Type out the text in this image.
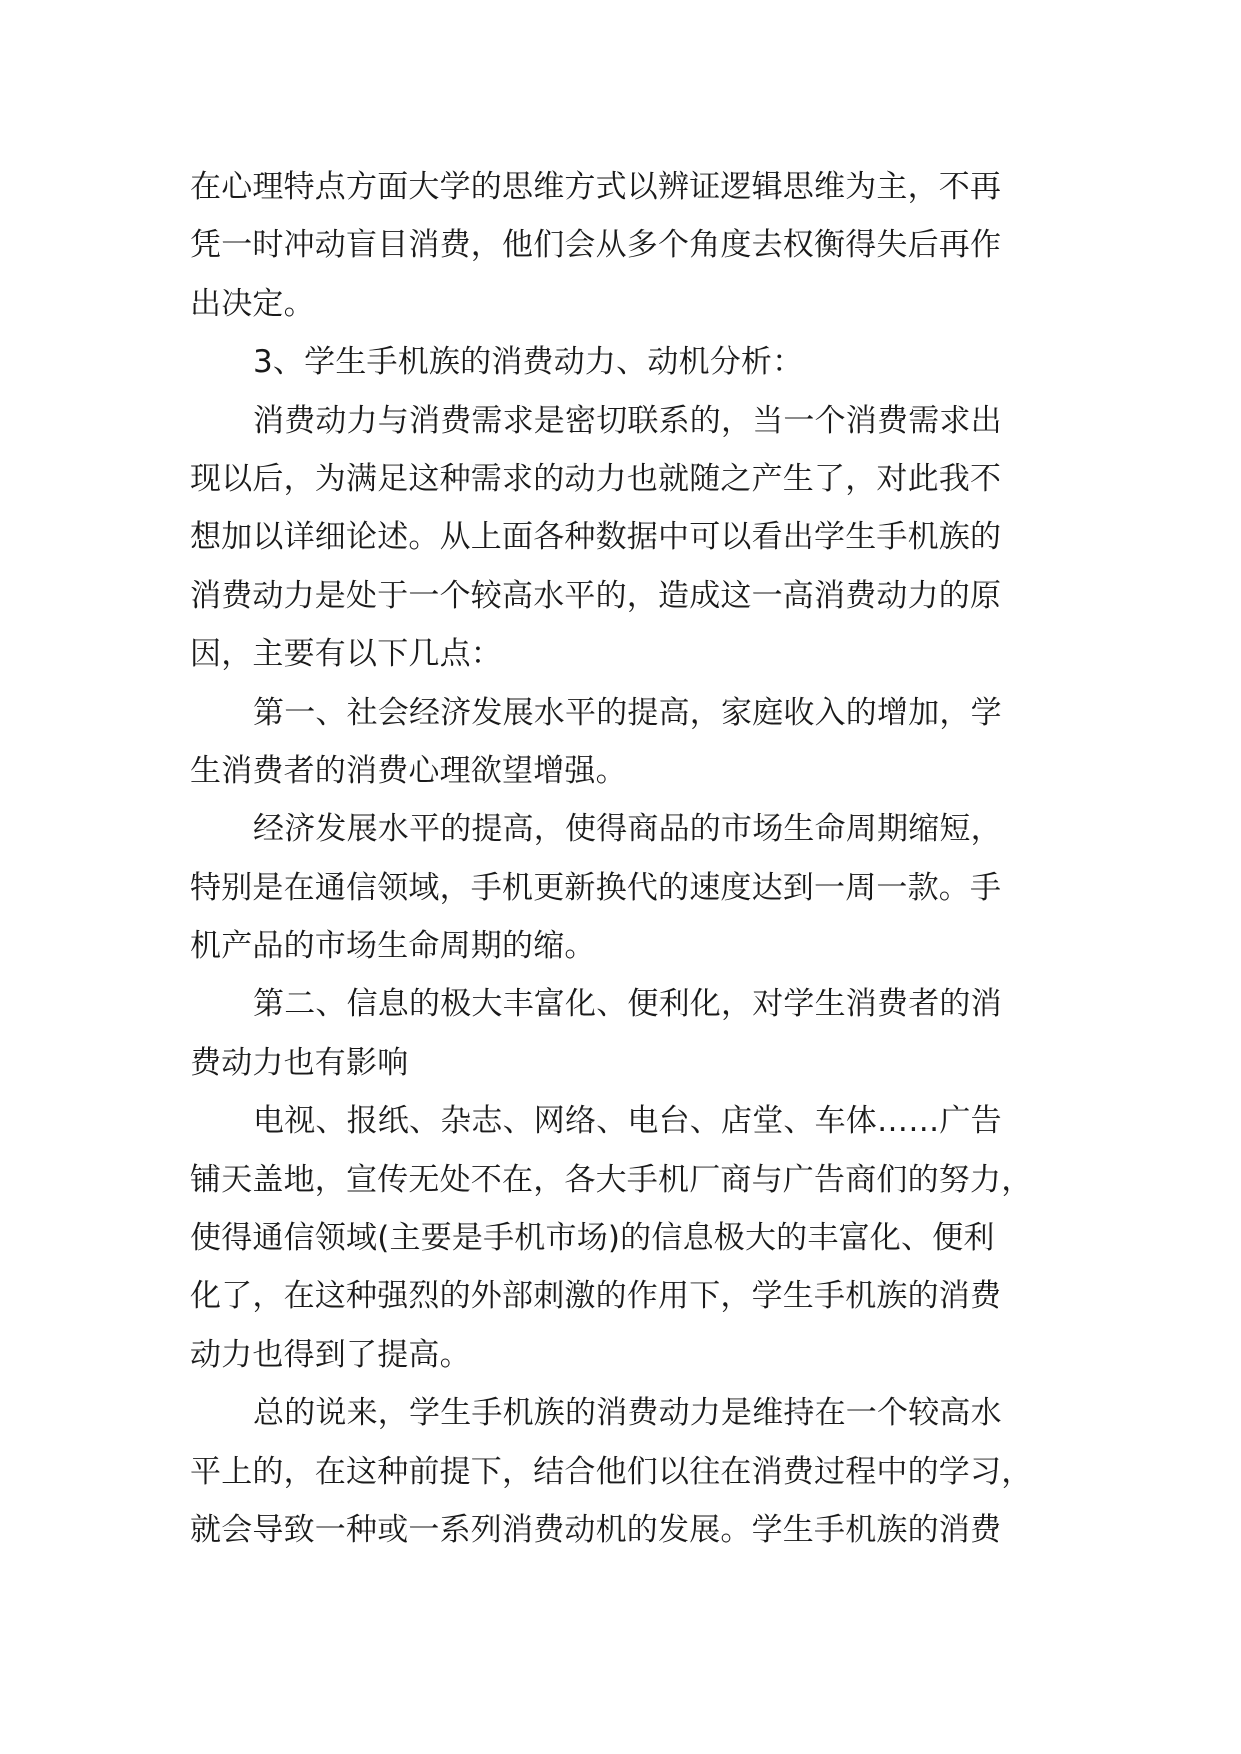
在心理特点方面大学的思维方式以辨证逻辑思维为主，不再
凭一时冲动盲目消费，他们会从多个角度去权衡得失后再作
出决定。
3、学生手机族的消费动力、动机分析：
消费动力与消费需求是密切联系的，当一个消费需求出
现以后，为满足这种需求的动力也就随之产生了，对此我不
想加以详细论述。从上面各种数据中可以看出学生手机族的
消费动力是处于一个较高水平的，造成这一高消费动力的原
因，主要有以下几点：
第一、社会经济发展水平的提高，家庭收入的增加，学
生消费者的消费心理欲望增强。
经济发展水平的提高，使得商品的市场生命周期缩短，
特别是在通信领域，手机更新换代的速度达到一周一款。手
机产品的市场生命周期的缩。
第二、信息的极大丰富化、便利化，对学生消费者的消
费动力也有影响
电视、报纸、杂志、网络、电台、店堂、车体……广告
铺天盖地，宣传无处不在，各大手机厂商与广告商们的努力，
使得通信领域(主要是手机市场)的信息极大的丰富化、便利
化了，在这种强烈的外部刺激的作用下，学生手机族的消费
动力也得到了提高。
总的说来，学生手机族的消费动力是维持在一个较高水
平上的，在这种前提下，结合他们以往在消费过程中的学习，
就会导致一种或一系列消费动机的发展。学生手机族的消费
